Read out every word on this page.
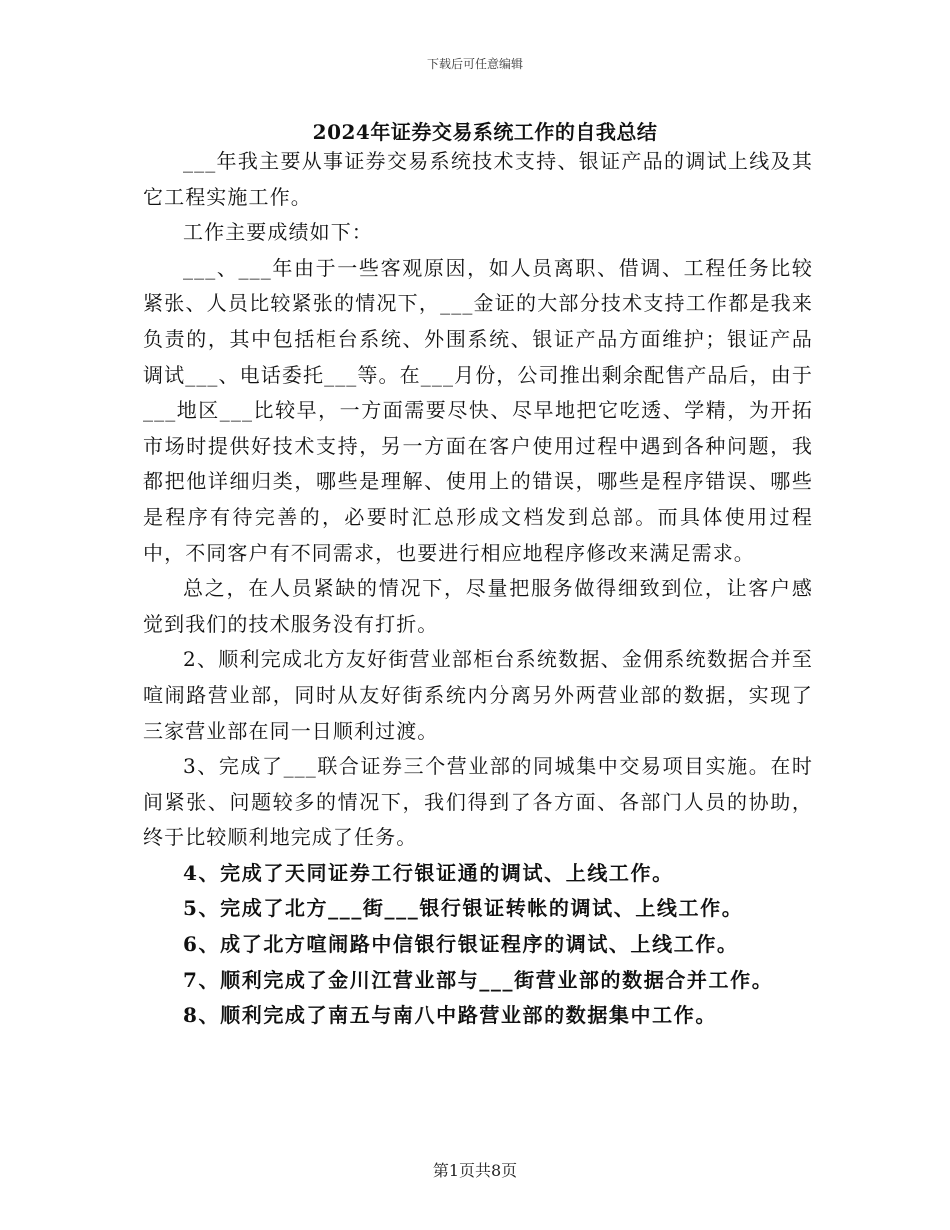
下载后可任意编辑
2024年证券交易系统工作的自我总结

___年我主要从事证券交易系统技术支持、银证产品的调试上线及其它工程实施工作。

工作主要成绩如下：

___、___年由于一些客观原因，如人员离职、借调、工程任务比较紧张、人员比较紧张的情况下，___金证的大部分技术支持工作都是我来负责的，其中包括柜台系统、外围系统、银证产品方面维护；银证产品调试___、电话委托___等。在___月份，公司推出剩余配售产品后，由于___地区___比较早，一方面需要尽快、尽早地把它吃透、学精，为开拓市场时提供好技术支持，另一方面在客户使用过程中遇到各种问题，我都把他详细归类，哪些是理解、使用上的错误，哪些是程序错误、哪些是程序有待完善的，必要时汇总形成文档发到总部。而具体使用过程中，不同客户有不同需求，也要进行相应地程序修改来满足需求。

总之，在人员紧缺的情况下，尽量把服务做得细致到位，让客户感觉到我们的技术服务没有打折。

2、顺利完成北方友好街营业部柜台系统数据、金佣系统数据合并至喧闹路营业部，同时从友好街系统内分离另外两营业部的数据，实现了三家营业部在同一日顺利过渡。

3、完成了___联合证券三个营业部的同城集中交易项目实施。在时间紧张、问题较多的情况下，我们得到了各方面、各部门人员的协助，终于比较顺利地完成了任务。

4、完成了天同证券工行银证通的调试、上线工作。

5、完成了北方___街___银行银证转帐的调试、上线工作。

6、成了北方喧闹路中信银行银证程序的调试、上线工作。

7、顺利完成了金川江营业部与___街营业部的数据合并工作。

8、顺利完成了南五与南八中路营业部的数据集中工作。

第1页共8页
